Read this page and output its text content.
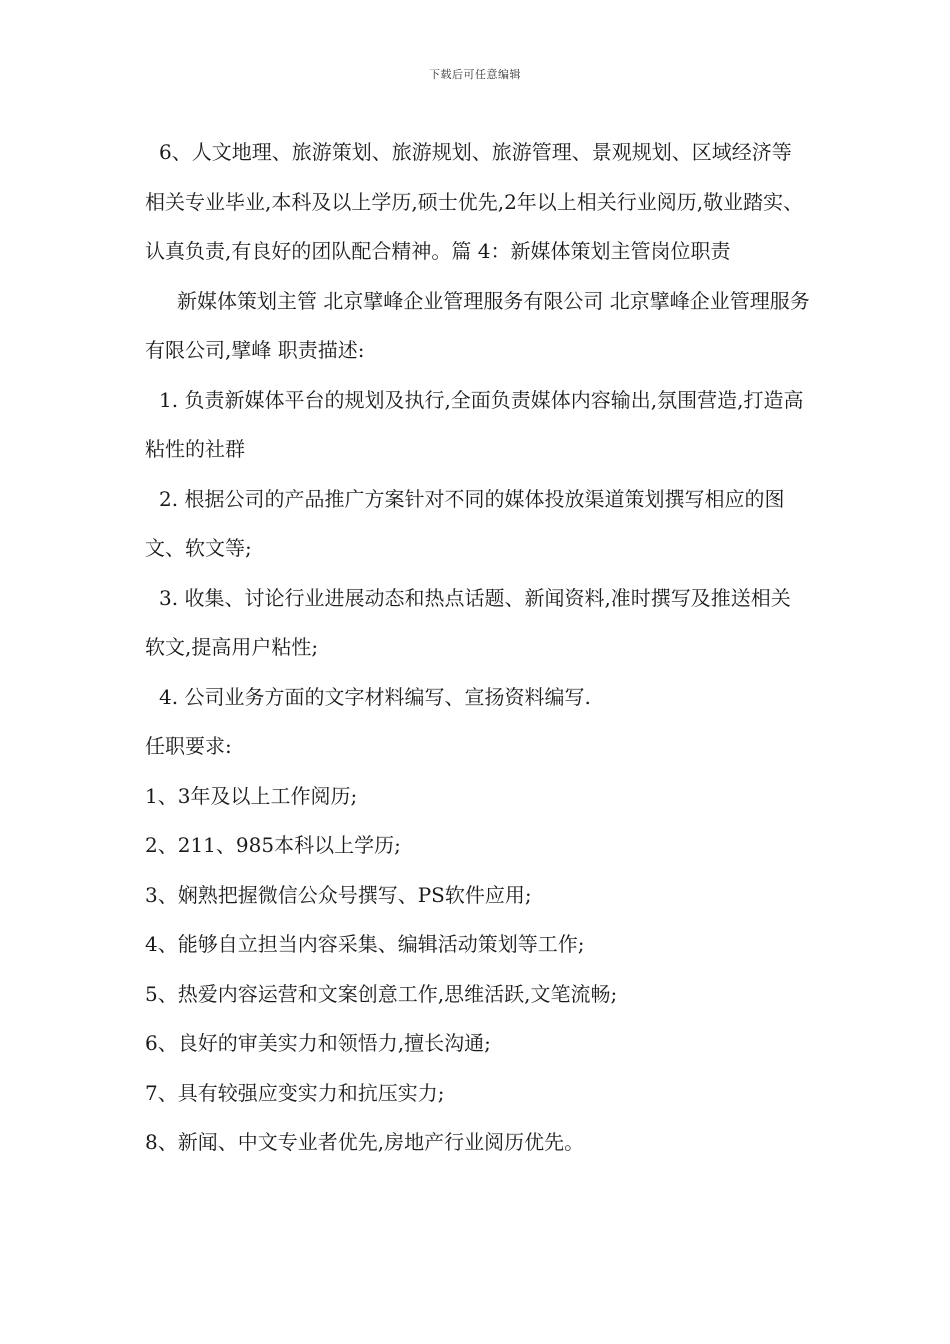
下载后可任意编辑

6、人文地理、旅游策划、旅游规划、旅游管理、景观规划、区域经济等相关专业毕业,本科及以上学历,硕士优先,2年以上相关行业阅历,敬业踏实、认真负责,有良好的团队配合精神。篇 4：新媒体策划主管岗位职责

新媒体策划主管 北京擘峰企业管理服务有限公司 北京擘峰企业管理服务有限公司,擘峰 职责描述:

1. 负责新媒体平台的规划及执行,全面负责媒体内容输出,氛围营造,打造高粘性的社群

2. 根据公司的产品推广方案针对不同的媒体投放渠道策划撰写相应的图文、软文等;

3. 收集、讨论行业进展动态和热点话题、新闻资料,准时撰写及推送相关软文,提高用户粘性;

4. 公司业务方面的文字材料编写、宣扬资料编写.

任职要求:

1、3年及以上工作阅历;

2、211、985本科以上学历;

3、娴熟把握微信公众号撰写、PS软件应用;

4、能够自立担当内容采集、编辑活动策划等工作;

5、热爱内容运营和文案创意工作,思维活跃,文笔流畅;

6、良好的审美实力和领悟力,擅长沟通;

7、具有较强应变实力和抗压实力;

8、新闻、中文专业者优先,房地产行业阅历优先。
